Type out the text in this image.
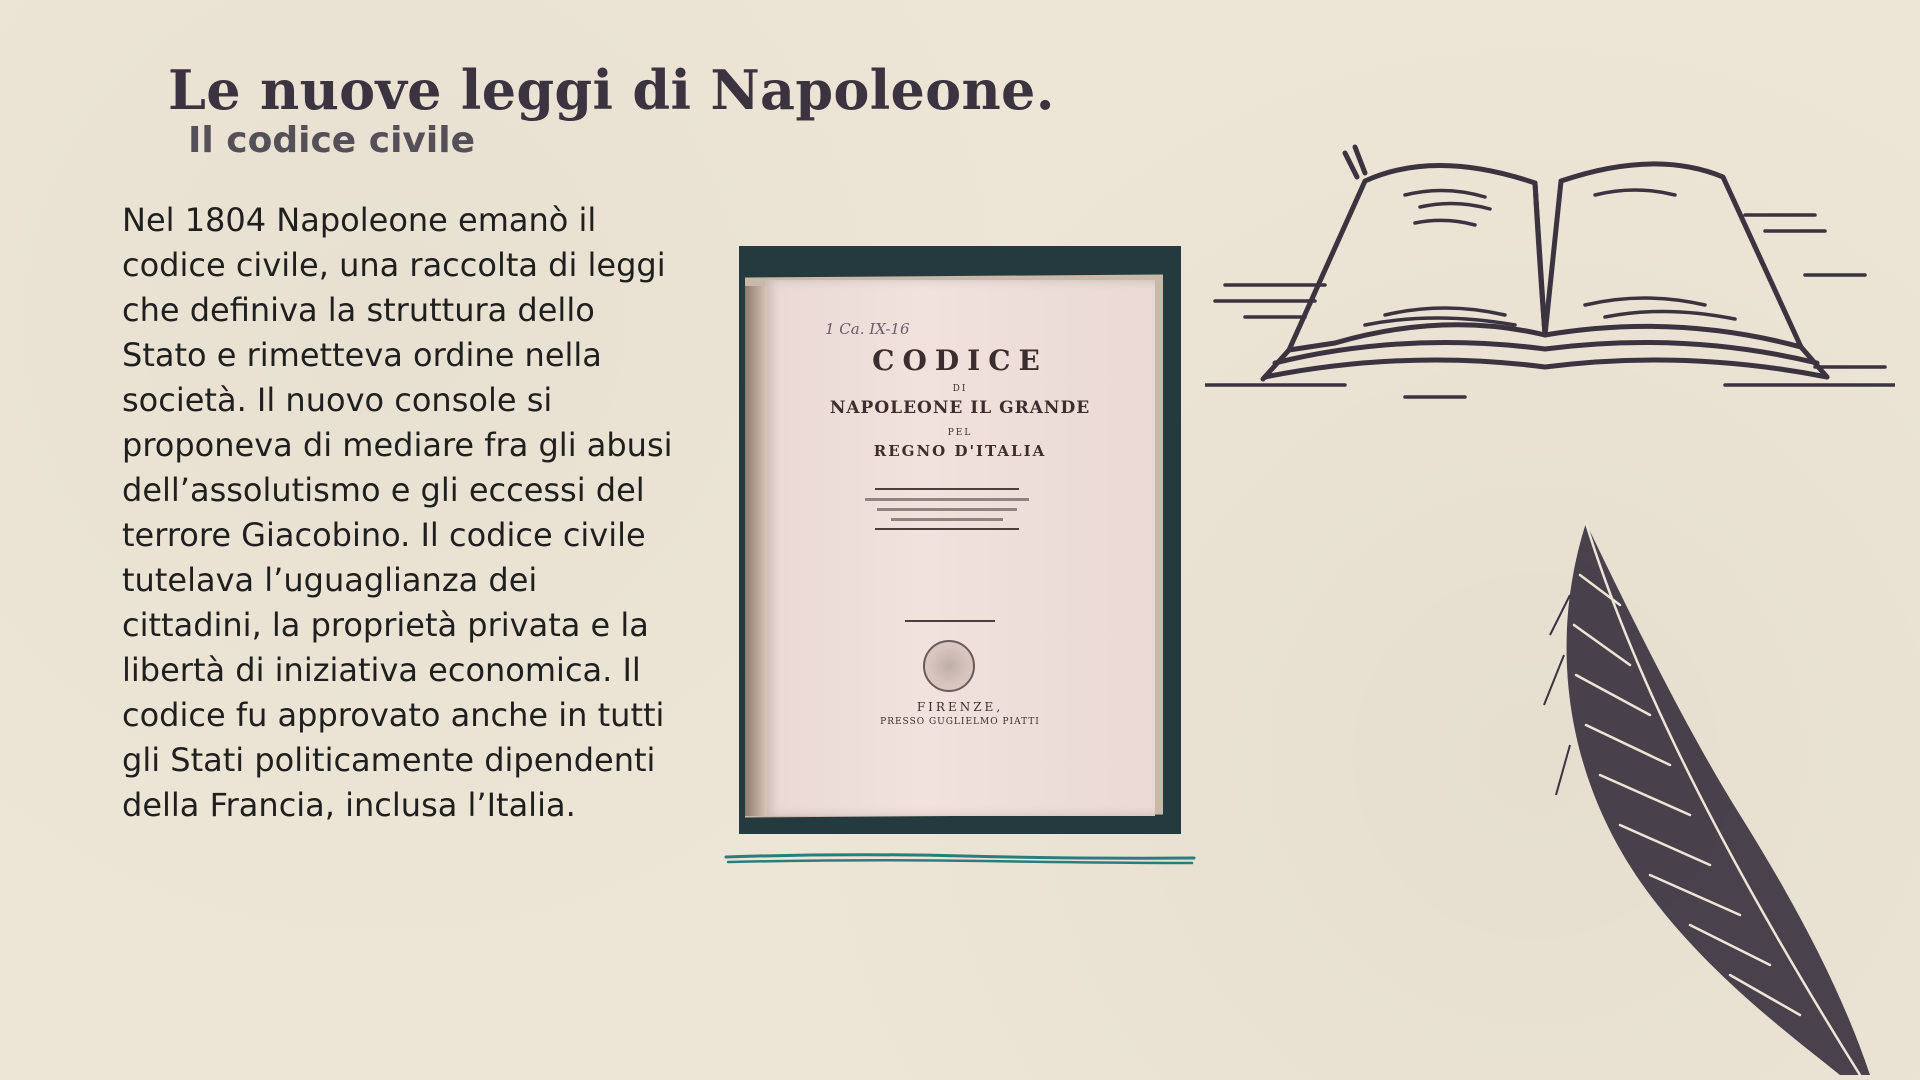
Le nuove leggi di Napoleone.
Il codice civile

Nel 1804 Napoleone emanò il
codice civile, una raccolta di leggi
che definiva la struttura dello
Stato e rimetteva ordine nella
società. Il nuovo console si
proponeva di mediare fra gli abusi
dell’assolutismo e gli eccessi del
terrore Giacobino. Il codice civile
tutelava l’uguaglianza dei
cittadini, la proprietà privata e la
libertà di iniziativa economica. Il
codice fu approvato anche in tutti
gli Stati politicamente dipendenti
della Francia, inclusa l’Italia.

1 Ca. IX-16
CODICE
DI
NAPOLEONE IL GRANDE
PEL
REGNO D'ITALIA
FIRENZE,
PRESSO GUGLIELMO PIATTI
